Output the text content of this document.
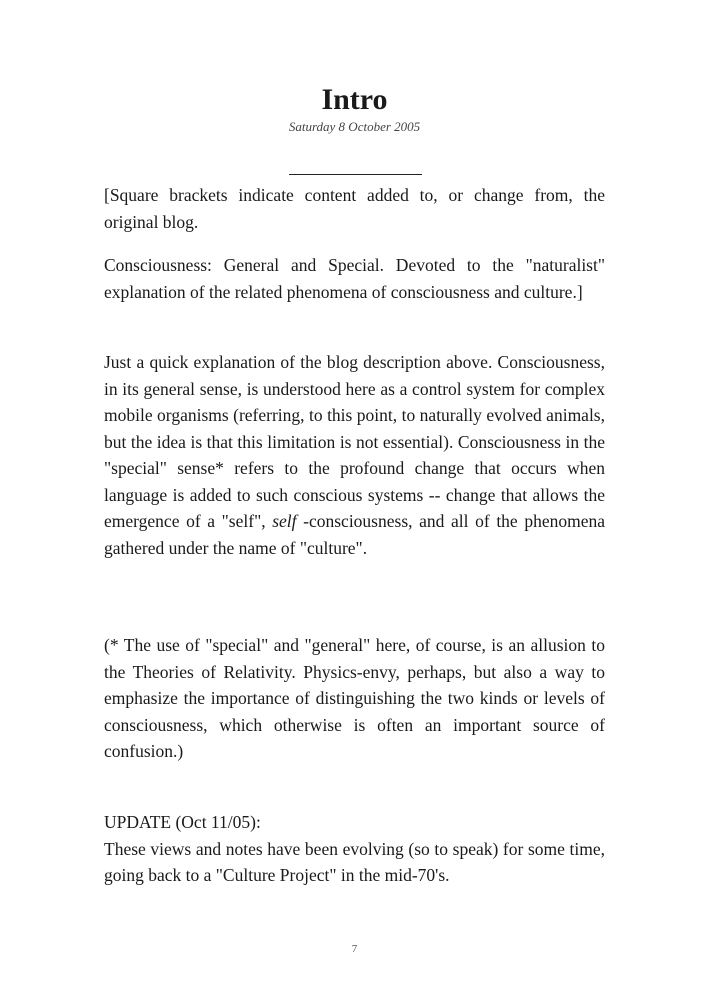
Intro
Saturday 8 October 2005

[Square brackets indicate content added to, or change from, the original blog.

Consciousness: General and Special. Devoted to the "naturalist" explanation of the related phenomena of consciousness and culture.]

Just a quick explanation of the blog description above. Consciousness, in its general sense, is understood here as a control system for complex mobile organisms (referring, to this point, to naturally evolved animals, but the idea is that this limitation is not essential). Consciousness in the "special" sense* refers to the profound change that occurs when language is added to such conscious systems -- change that allows the emergence of a "self", self -consciousness, and all of the phenomena gathered under the name of "culture".

(* The use of "special" and "general" here, of course, is an allusion to the Theories of Relativity. Physics-envy, perhaps, but also a way to emphasize the importance of distinguishing the two kinds or levels of consciousness, which otherwise is often an important source of confusion.)

UPDATE (Oct 11/05):

These views and notes have been evolving (so to speak) for some time, going back to a "Culture Project" in the mid-70's.

7
